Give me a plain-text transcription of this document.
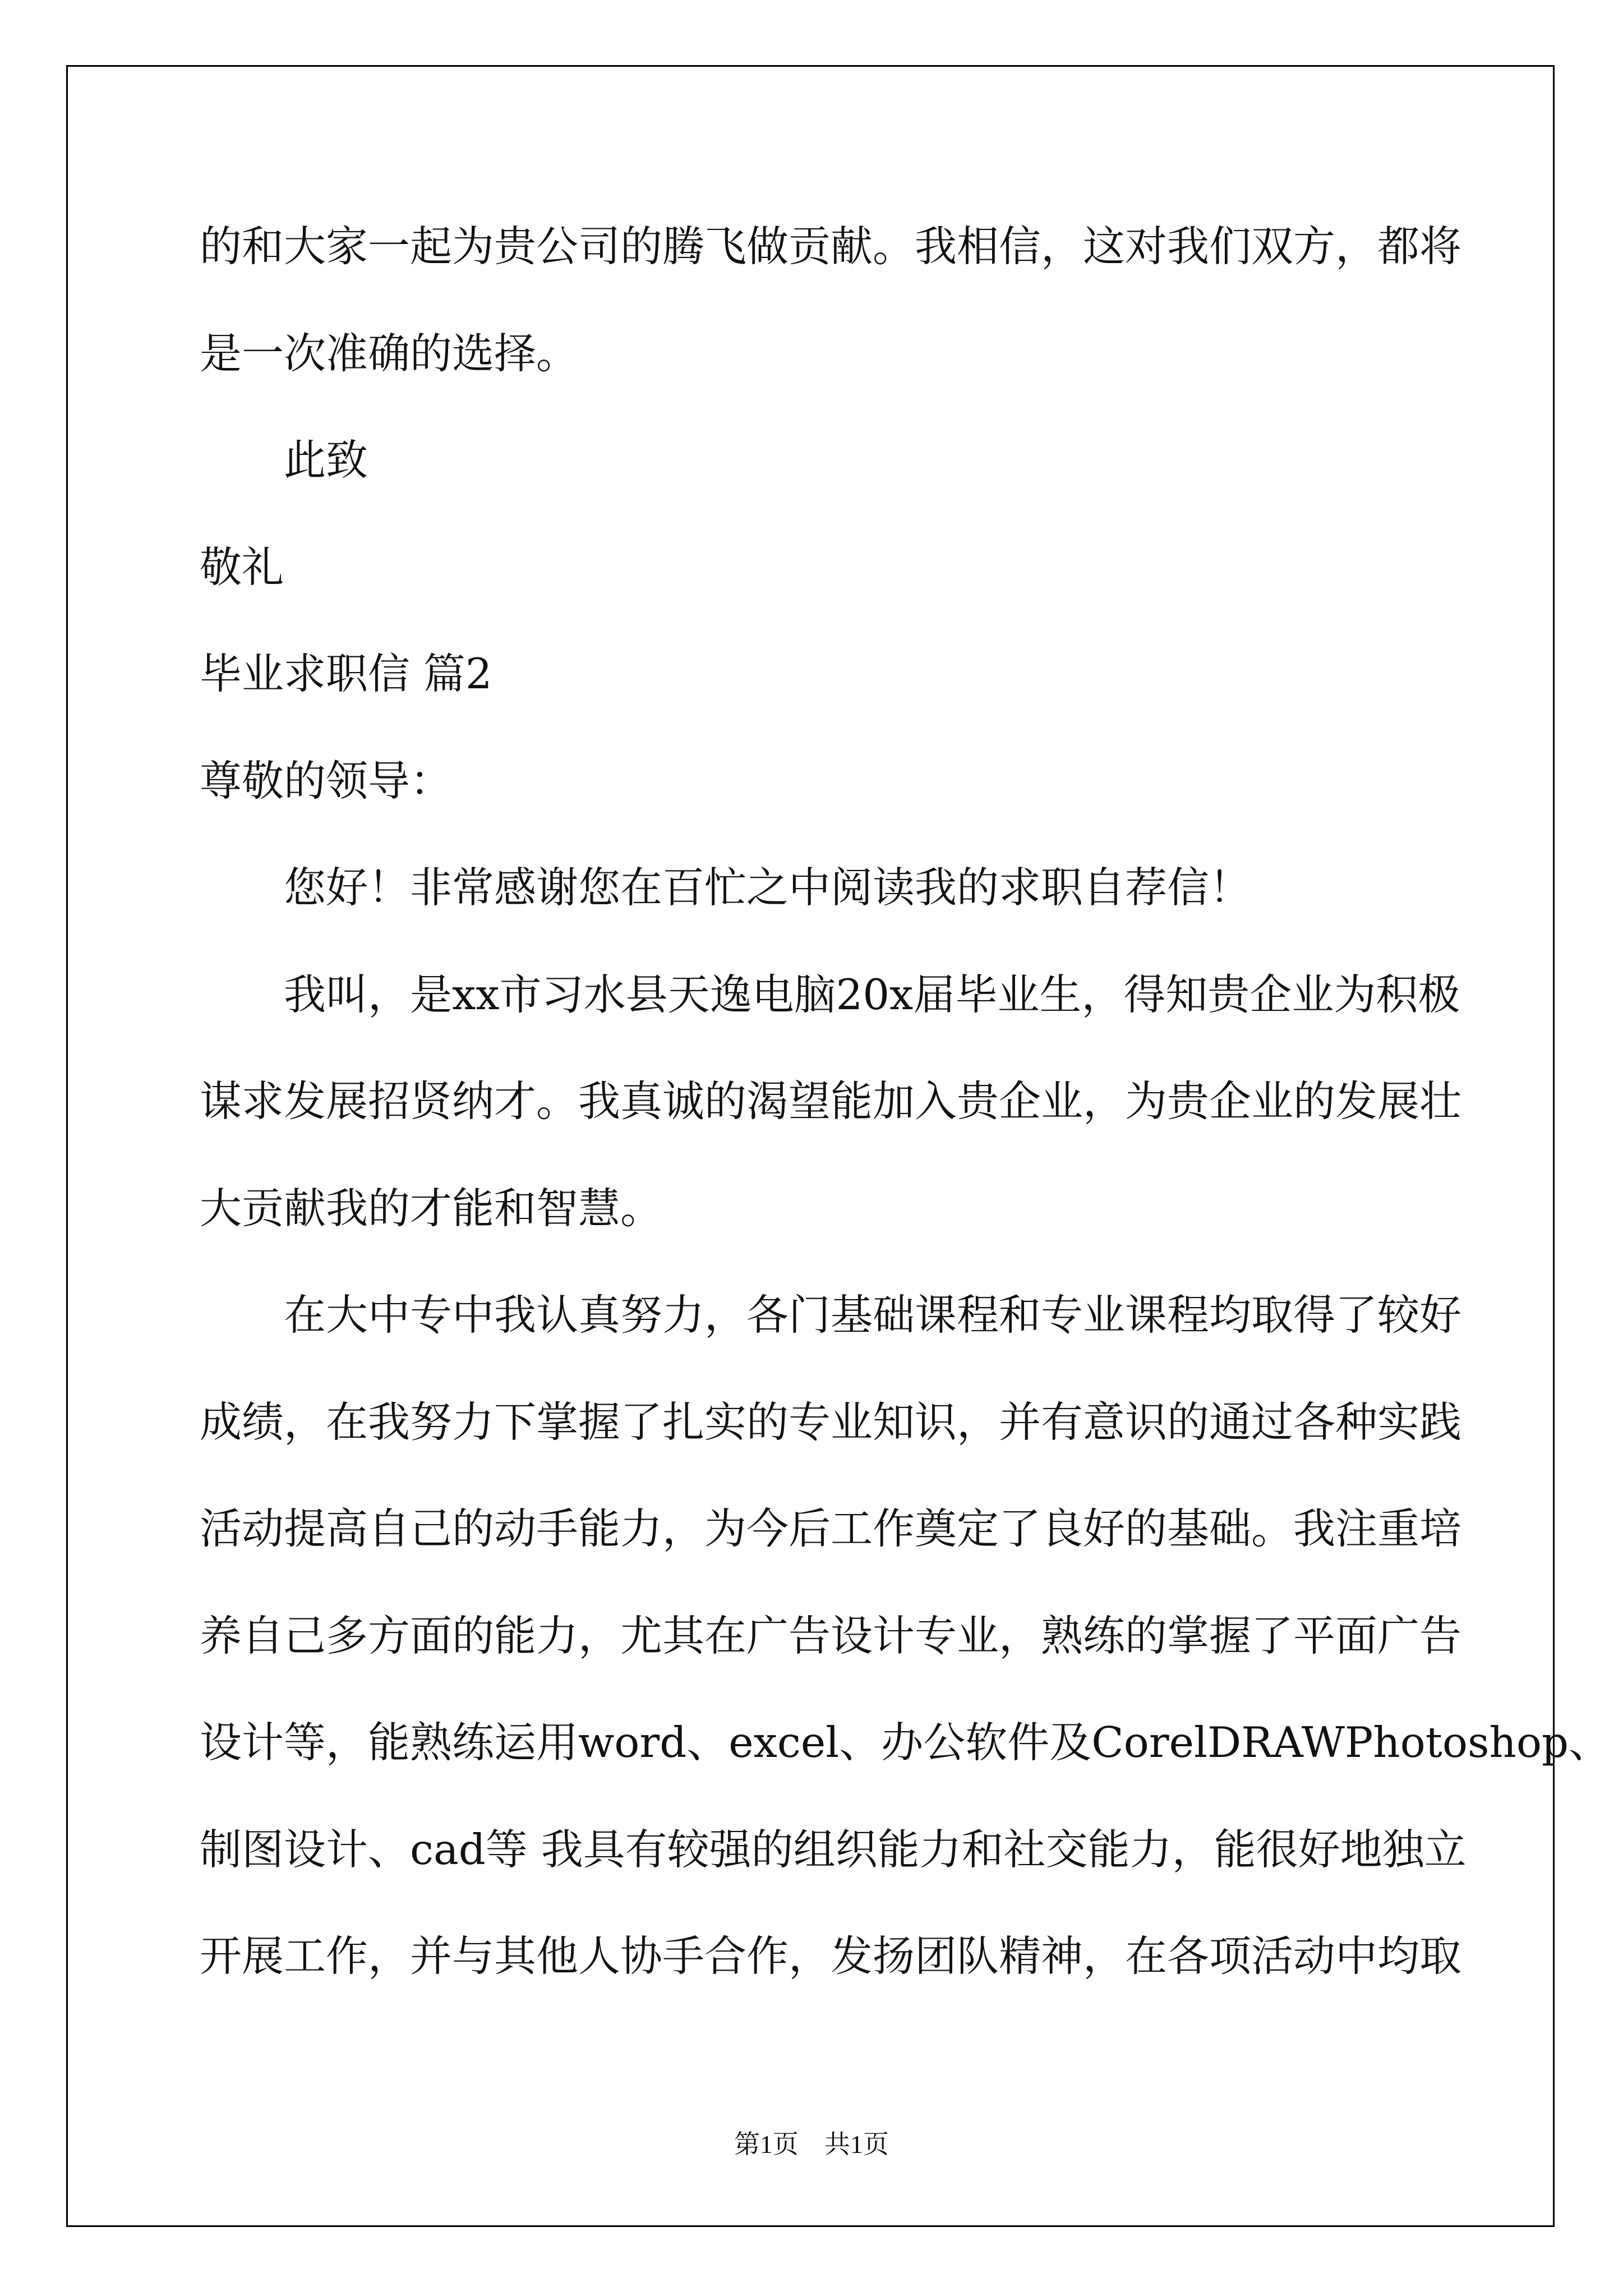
的和大家一起为贵公司的腾飞做贡献。我相信，这对我们双方，都将
是一次准确的选择。
此致
敬礼
毕业求职信 篇2
尊敬的领导：
您好！非常感谢您在百忙之中阅读我的求职自荐信！
我叫，是xx市习水县天逸电脑20x届毕业生，得知贵企业为积极
谋求发展招贤纳才。我真诚的渴望能加入贵企业，为贵企业的发展壮
大贡献我的才能和智慧。
在大中专中我认真努力，各门基础课程和专业课程均取得了较好
成绩，在我努力下掌握了扎实的专业知识，并有意识的通过各种实践
活动提高自己的动手能力，为今后工作奠定了良好的基础。我注重培
养自己多方面的能力，尤其在广告设计专业，熟练的掌握了平面广告
设计等，能熟练运用word、excel、办公软件及CorelDRAWPhotoshop、
制图设计、cad等 我具有较强的组织能力和社交能力，能很好地独立
开展工作，并与其他人协手合作，发扬团队精神，在各项活动中均取
第1页　共1页
